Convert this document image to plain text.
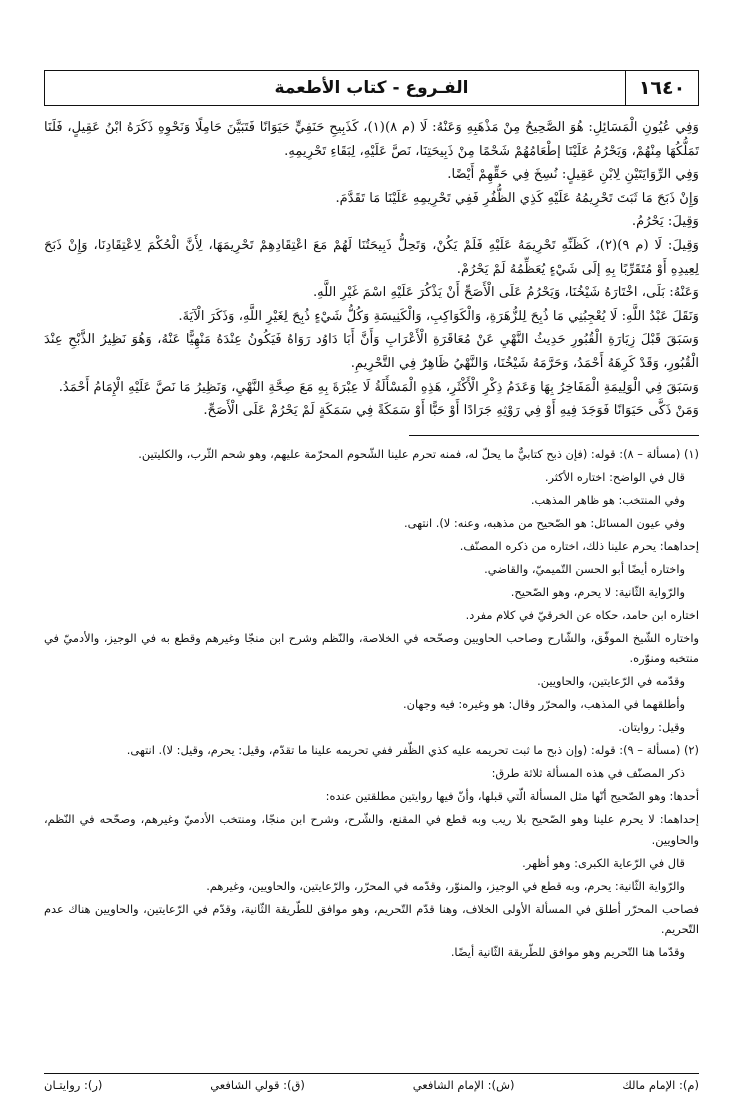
١٦٤٠
الفـروع - كتاب الأطعمة

وَفِي عُيُونِ الْمَسَائِلِ: هُوَ الصَّحِيحُ مِنْ مَذْهَبِهِ وَعَنْهُ: لَا (م ٨)(١)، كَذَبِيحِ حَنَفِيٍّ حَيَوَانًا فَتَبَيَّنَ حَامِلًا وَنَحْوِهِ ذَكَرَهُ ابْنُ عَقِيلٍ، فَلَنَا تَمَلُّكُهَا مِنْهُمْ، وَيَحْرُمُ عَلَيْنَا إطْعَامُهُمْ شَحْمًا مِنْ ذَبِيحَتِنَا، نَصَّ عَلَيْهِ، لِبَقَاءِ تَحْرِيمِهِ.

وَفِي الرِّوَايَتَيْنِ لِابْنِ عَقِيلٍ: نُسِخَ فِي حَقِّهِمْ أَيْضًا.

وَإِنْ ذَبَحَ مَا ثَبَتَ تَحْرِيمُهُ عَلَيْهِ كَذِي الظُّفُرِ فَفِي تَحْرِيمِهِ عَلَيْنَا مَا تَقَدَّمَ.

وَقِيلَ: يَحْرُمُ.

وَقِيلَ: لَا (م ٩)(٢)، كَظَنِّهِ تَحْرِيمَهُ عَلَيْهِ فَلَمْ يَكُنْ، وَتَحِلُّ ذَبِيحَتُنَا لَهُمْ مَعَ اعْتِقَادِهِمْ تَحْرِيمَهَا، لِأَنَّ الْحُكْمَ لِاعْتِقَادِنَا، وَإِنْ ذَبَحَ لِعِيدِهِ أَوْ مُتَقَرِّبًا بِهِ إلَى شَيْءٍ يُعَظِّمُهُ لَمْ يَحْرُمْ.

وَعَنْهُ: بَلَى، اخْتَارَهُ شَيْخُنَا، وَيَحْرُمُ عَلَى الْأَصَحِّ أَنْ يَذْكُرَ عَلَيْهِ اسْمَ غَيْرِ اللَّهِ.

وَنَقَلَ عَبْدُ اللَّهِ: لَا يُعْجِبُنِي مَا ذُبِحَ لِلزُّهَرَةِ، وَالْكَوَاكِبِ، وَالْكَنِيسَةِ وَكُلُّ شَيْءٍ ذُبِحَ لِغَيْرِ اللَّهِ، وَذَكَرَ الْآيَةَ.

وَسَبَقَ قَبْلَ زِيَارَةِ الْقُبُورِ حَدِيثُ النَّهْيِ عَنْ مُعَاقَرَةِ الْأَعْرَابِ وَأَنَّ أَبَا دَاوُد رَوَاهُ فَيَكُونُ عِنْدَهُ مَنْهِيًّا عَنْهُ، وَهُوَ نَظِيرُ الذَّبْحِ عِنْدَ الْقُبُورِ، وَقَدْ كَرِهَهُ أَحْمَدُ، وَحَرَّمَهُ شَيْخُنَا، وَالنَّهْيُ ظَاهِرٌ فِي التَّحْرِيمِ.

وَسَبَقَ فِي الْوَلِيمَةِ الْمَفَاخِرُ بِهَا وَعَدَمُ ذِكْرِ الْأَكْثَرِ، هَذِهِ الْمَسْأَلَةُ لَا عِبْرَةَ بِهِ مَعَ صِحَّةِ النَّهْيِ، وَنَظِيرُ مَا نَصَّ عَلَيْهِ الْإِمَامُ أَحْمَدُ.

وَمَنْ ذَكَّى حَيَوَانًا فَوَجَدَ فِيهِ أَوْ فِي رَوْثِهِ جَرَادًا أَوْ حَبًّا أَوْ سَمَكَةً فِي سَمَكَةٍ لَمْ يَحْرُمْ عَلَى الْأَصَحِّ.

(١) (مسألة – ٨): قوله: (فإن ذبح كتابيٌّ ما يحلّ له، فمنه تحرم علينا الشّحوم المحرّمة عليهم، وهو شحم الثّرب، والكليتين.

قال في الواضح: اختاره الأكثر.

وفي المنتخب: هو ظاهر المذهب.

وفي عيون المسائل: هو الصّحيح من مذهبه، وعنه: لا). انتهى.

إحداهما: يحرم علينا ذلك، اختاره من ذكره المصنّف.

واختاره أيضًا أبو الحسن التّميميّ، والقاضي.

والرّواية الثّانية: لا يحرم، وهو الصّحيح.

اختاره ابن حامد، حكاه عن الخرقيّ في كلام مفرد.

واختاره الشّيخ الموفّق، والشّارح وصاحب الحاويين وصحّحه في الخلاصة، والنّظم وشرح ابن منجّا وغيرهم وقطع به في الوجيز، والأدميّ في منتخبه ومنوّره.

وقدّمه في الرّعايتين، والحاويين.

وأطلقهما في المذهب، والمحرّر وقال: هو وغيره: فيه وجهان.

وقيل: روايتان.

(٢) (مسألة – ٩): قوله: (وإن ذبح ما ثبت تحريمه عليه كذي الظّفر ففي تحريمه علينا ما تقدّم، وقيل: يحرم، وقيل: لا). انتهى.

ذكر المصنّف في هذه المسألة ثلاثة طرق:

أحدها: وهو الصّحيح أنّها مثل المسألة الّتي قبلها، وأنّ فيها روايتين مطلقتين عنده:

إحداهما: لا يحرم علينا وهو الصّحيح بلا ريب وبه قطع في المقنع، والشّرح، وشرح ابن منجّا، ومنتخب الأدميّ وغيرهم، وصحّحه في النّظم، والحاويين.

قال في الرّعاية الكبرى: وهو أظهر.

والرّواية الثّانية: يحرم، وبه قطع في الوجيز، والمنوّر، وقدّمه في المحرّر، والرّعايتين، والحاويين، وغيرهم.

فصاحب المحرّر أطلق في المسألة الأولى الخلاف، وهنا قدّم التّحريم، وهو موافق للطّريقة الثّانية، وقدّم في الرّعايتين، والحاويين هناك عدم التّحريم.

وقدّما هنا التّحريم وهو موافق للطّريقة الثّانية أيضًا.

(م): الإمام مالك
(ش): الإمام الشافعي
(ق): قولي الشافعي
(ر): روايتـان
